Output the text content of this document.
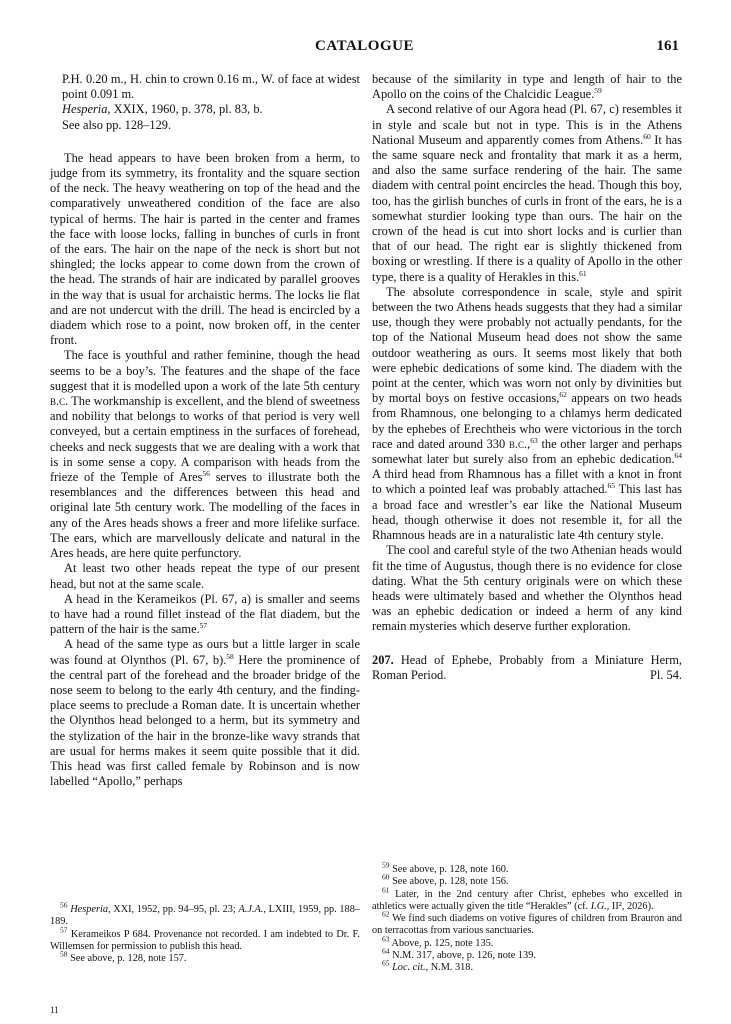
CATALOGUE	161

P.H. 0.20 m., H. chin to crown 0.16 m., W. of face at widest point 0.091 m.

Hesperia, XXIX, 1960, p. 378, pl. 83, b.

See also pp. 128–129.

The head appears to have been broken from a herm, to judge from its symmetry, its frontality and the square section of the neck. The heavy weathering on top of the head and the comparatively unweathered condition of the face are also typical of herms. The hair is parted in the center and frames the face with loose locks, falling in bunches of curls in front of the ears. The hair on the nape of the neck is short but not shingled; the locks appear to come down from the crown of the head. The strands of hair are indicated by parallel grooves in the way that is usual for archaistic herms. The locks lie flat and are not undercut with the drill. The head is encircled by a diadem which rose to a point, now broken off, in the center front.

The face is youthful and rather feminine, though the head seems to be a boy’s. The features and the shape of the face suggest that it is modelled upon a work of the late 5th century b.c. The workmanship is excellent, and the blend of sweetness and nobility that belongs to works of that period is very well conveyed, but a certain emptiness in the surfaces of forehead, cheeks and neck suggests that we are dealing with a work that is in some sense a copy. A comparison with heads from the frieze of the Temple of Ares$^{56}$ serves to illustrate both the resemblances and the differences between this head and original late 5th century work. The modelling of the faces in any of the Ares heads shows a freer and more lifelike surface. The ears, which are marvellously delicate and natural in the Ares heads, are here quite perfunctory.

At least two other heads repeat the type of our present head, but not at the same scale.

A head in the Kerameikos (Pl. 67, a) is smaller and seems to have had a round fillet instead of the flat diadem, but the pattern of the hair is the same.$^{57}$

A head of the same type as ours but a little larger in scale was found at Olynthos (Pl. 67, b).$^{58}$ Here the prominence of the central part of the forehead and the broader bridge of the nose seem to belong to the early 4th century, and the finding-place seems to preclude a Roman date. It is uncertain whether the Olynthos head belonged to a herm, but its symmetry and the stylization of the hair in the bronze-like wavy strands that are usual for herms makes it seem quite possible that it did. This head was first called female by Robinson and is now labelled “Apollo,” perhaps

$^{56}$ Hesperia, XXI, 1952, pp. 94–95, pl. 23; A.J.A., LXIII, 1959, pp. 188–189.

$^{57}$ Kerameikos P 684. Provenance not recorded. I am indebted to Dr. F. Willemsen for permission to publish this head.

$^{58}$ See above, p. 128, note 157.

because of the similarity in type and length of hair to the Apollo on the coins of the Chalcidic League.$^{59}$

A second relative of our Agora head (Pl. 67, c) resembles it in style and scale but not in type. This is in the Athens National Museum and apparently comes from Athens.$^{60}$ It has the same square neck and frontality that mark it as a herm, and also the same surface rendering of the hair. The same diadem with central point encircles the head. Though this boy, too, has the girlish bunches of curls in front of the ears, he is a somewhat sturdier looking type than ours. The hair on the crown of the head is cut into short locks and is curlier than that of our head. The right ear is slightly thickened from boxing or wrestling. If there is a quality of Apollo in the other type, there is a quality of Herakles in this.$^{61}$

The absolute correspondence in scale, style and spirit between the two Athens heads suggests that they had a similar use, though they were probably not actually pendants, for the top of the National Museum head does not show the same outdoor weathering as ours. It seems most likely that both were ephebic dedications of some kind. The diadem with the point at the center, which was worn not only by divinities but by mortal boys on festive occasions,$^{62}$ appears on two heads from Rhamnous, one belonging to a chlamys herm dedicated by the ephebes of Erechtheis who were victorious in the torch race and dated around 330 b.c.,$^{63}$ the other larger and perhaps somewhat later but surely also from an ephebic dedication.$^{64}$ A third head from Rhamnous has a fillet with a knot in front to which a pointed leaf was probably attached.$^{65}$ This last has a broad face and wrestler’s ear like the National Museum head, though otherwise it does not resemble it, for all the Rhamnous heads are in a naturalistic late 4th century style.

The cool and careful style of the two Athenian heads would fit the time of Augustus, though there is no evidence for close dating. What the 5th century originals were on which these heads were ultimately based and whether the Olynthos head was an ephebic dedication or indeed a herm of any kind remain mysteries which deserve further exploration.

207. Head of Ephebe, Probably from a Miniature Herm, Roman Period.	Pl. 54.

$^{59}$ See above, p. 128, note 160.

$^{60}$ See above, p. 128, note 156.

$^{61}$ Later, in the 2nd century after Christ, ephebes who excelled in athletics were actually given the title “Herakles” (cf. I.G., II², 2026).

$^{62}$ We find such diadems on votive figures of children from Brauron and on terracottas from various sanctuaries.

$^{63}$ Above, p. 125, note 135.

$^{64}$ N.M. 317, above, p. 126, note 139.

$^{65}$ Loc. cit., N.M. 318.

11
